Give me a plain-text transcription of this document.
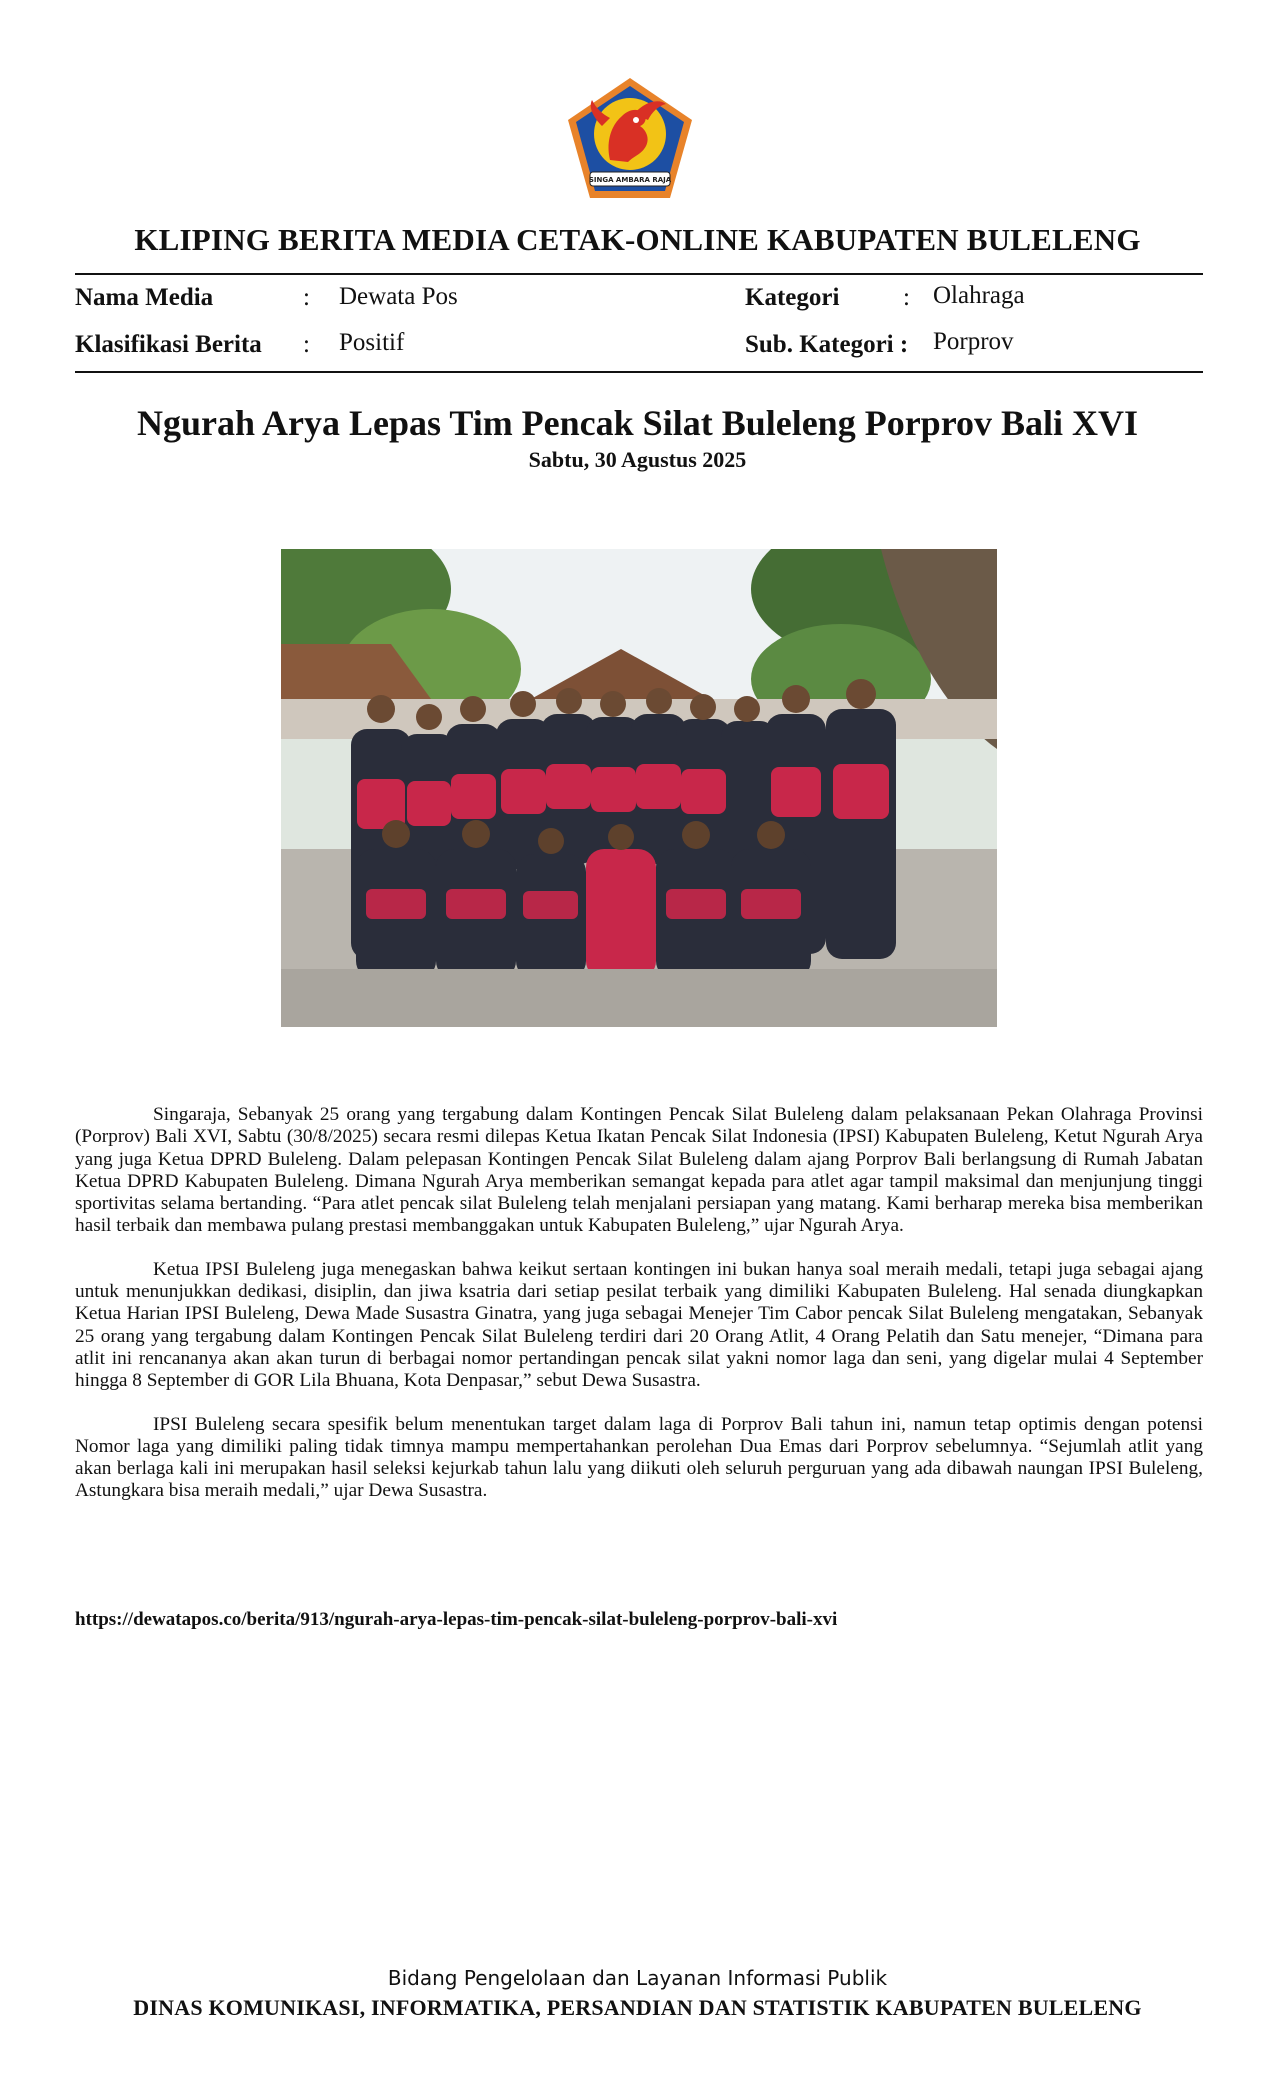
SINGA AMBARA RAJA
KLIPING BERITA MEDIA CETAK-ONLINE KABUPATEN BULELENG
Nama Media	: Dewata Pos	Kategori	: Olahraga
Klasifikasi Berita : Positif	Sub. Kategori : Porprov
Ngurah Arya Lepas Tim Pencak Silat Buleleng Porprov Bali XVI
Sabtu, 30 Agustus 2025

Singaraja, Sebanyak 25 orang yang tergabung dalam Kontingen Pencak Silat Buleleng dalam pelaksanaan Pekan Olahraga Provinsi (Porprov) Bali XVI, Sabtu (30/8/2025) secara resmi dilepas Ketua Ikatan Pencak Silat Indonesia (IPSI) Kabupaten Buleleng, Ketut Ngurah Arya yang juga Ketua DPRD Buleleng. Dalam pelepasan Kontingen Pencak Silat Buleleng dalam ajang Porprov Bali berlangsung di Rumah Jabatan Ketua DPRD Kabupaten Buleleng. Dimana Ngurah Arya memberikan semangat kepada para atlet agar tampil maksimal dan menjunjung tinggi sportivitas selama bertanding. “Para atlet pencak silat Buleleng telah menjalani persiapan yang matang. Kami berharap mereka bisa memberikan hasil terbaik dan membawa pulang prestasi membanggakan untuk Kabupaten Buleleng,” ujar Ngurah Arya.

Ketua IPSI Buleleng juga menegaskan bahwa keikut sertaan kontingen ini bukan hanya soal meraih medali, tetapi juga sebagai ajang untuk menunjukkan dedikasi, disiplin, dan jiwa ksatria dari setiap pesilat terbaik yang dimiliki Kabupaten Buleleng. Hal senada diungkapkan Ketua Harian IPSI Buleleng, Dewa Made Susastra Ginatra, yang juga sebagai Menejer Tim Cabor pencak Silat Buleleng mengatakan, Sebanyak 25 orang yang tergabung dalam Kontingen Pencak Silat Buleleng terdiri dari 20 Orang Atlit, 4 Orang Pelatih dan Satu menejer, “Dimana para atlit ini rencananya akan akan turun di berbagai nomor pertandingan pencak silat yakni nomor laga dan seni, yang digelar mulai 4 September hingga 8 September di GOR Lila Bhuana, Kota Denpasar,” sebut Dewa Susastra.

IPSI Buleleng secara spesifik belum menentukan target dalam laga di Porprov Bali tahun ini, namun tetap optimis dengan potensi Nomor laga yang dimiliki paling tidak timnya mampu mempertahankan perolehan Dua Emas dari Porprov sebelumnya. “Sejumlah atlit yang akan berlaga kali ini merupakan hasil seleksi kejurkab tahun lalu yang diikuti oleh seluruh perguruan yang ada dibawah naungan IPSI Buleleng, Astungkara bisa meraih medali,” ujar Dewa Susastra.

https://dewatapos.co/berita/913/ngurah-arya-lepas-tim-pencak-silat-buleleng-porprov-bali-xvi
Bidang Pengelolaan dan Layanan Informasi Publik
DINAS KOMUNIKASI, INFORMATIKA, PERSANDIAN DAN STATISTIK KABUPATEN BULELENG
